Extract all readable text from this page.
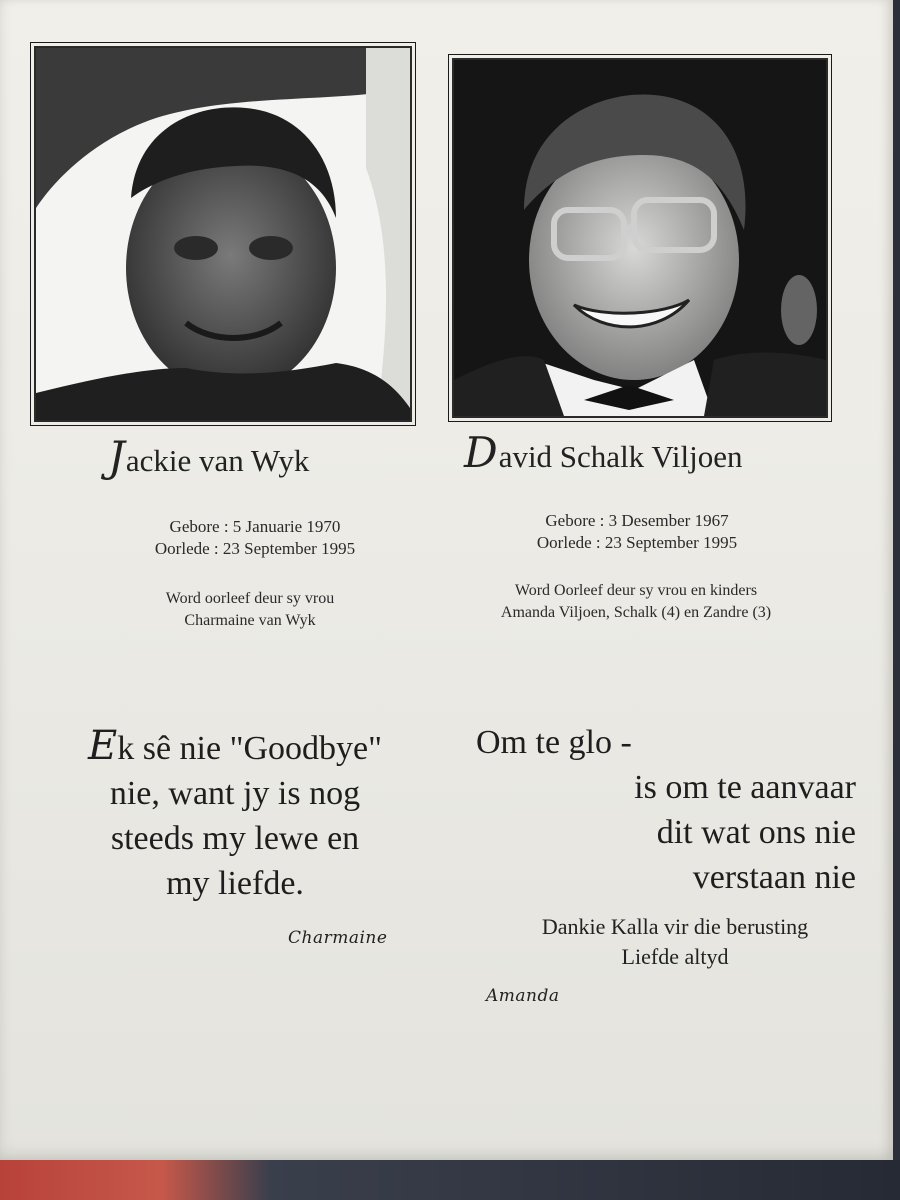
Jackie van Wyk	David Schalk Viljoen
Gebore : 5 Januarie 1970
Oorlede : 23 September 1995
Gebore : 3 Desember 1967
Oorlede : 23 September 1995
Word oorleef deur sy vrou
Charmaine van Wyk
Word Oorleef deur sy vrou en kinders
Amanda Viljoen, Schalk (4) en Zandre (3)
Ek sê nie "Goodbye"
nie, want jy is nog
steeds my lewe en
my liefde.
Charmaine
Om te glo -
is om te aanvaar
dit wat ons nie
verstaan nie
Dankie Kalla vir die berusting
Liefde altyd
Amanda
